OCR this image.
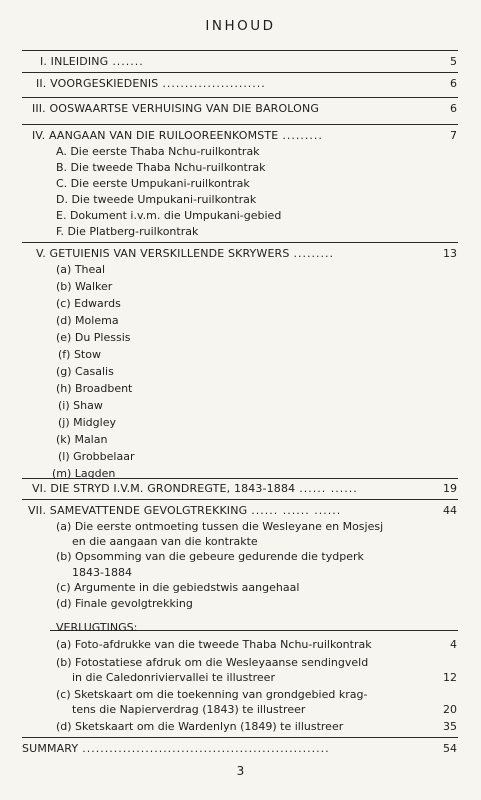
INHOUD
I. INLEIDING .......	5
II. VOORGESKIEDENIS .......................	6
III. OOSWAARTSE VERHUISING VAN DIE BAROLONG	6
IV. AANGAAN VAN DIE RUILOOREENKOMSTE .........	7
A. Die eerste Thaba Nchu-ruilkontrak
B. Die tweede Thaba Nchu-ruilkontrak
C. Die eerste Umpukani-ruilkontrak
D. Die tweede Umpukani-ruilkontrak
E. Dokument i.v.m. die Umpukani-gebied
F. Die Platberg-ruilkontrak
V. GETUIENIS VAN VERSKILLENDE SKRYWERS .........	13
(a) Theal
(b) Walker
(c) Edwards
(d) Molema
(e) Du Plessis
(f) Stow
(g) Casalis
(h) Broadbent
(i) Shaw
(j) Midgley
(k) Malan
(l) Grobbelaar
(m) Lagden
VI. DIE STRYD I.V.M. GRONDREGTE, 1843-1884 ...... ......	19
VII. SAMEVATTENDE GEVOLGTREKKING ...... ...... ......	44
(a) Die eerste ontmoeting tussen die Wesleyane en Mosjesj
en die aangaan van die kontrakte
(b) Opsomming van die gebeure gedurende die tydperk
1843-1884
(c) Argumente in die gebiedstwis aangehaal
(d) Finale gevolgtrekking
VERLUGTINGS:
(a) Foto-afdrukke van die tweede Thaba Nchu-ruilkontrak	4
(b) Fotostatiese afdruk om die Wesleyaanse sendingveld
in die Caledonriviervallei te illustreer	12
(c) Sketskaart om die toekenning van grondgebied krag-
tens die Napierverdrag (1843) te illustreer	20
(d) Sketskaart om die Wardenlyn (1849) te illustreer	35
SUMMARY .......................................................	54
3
